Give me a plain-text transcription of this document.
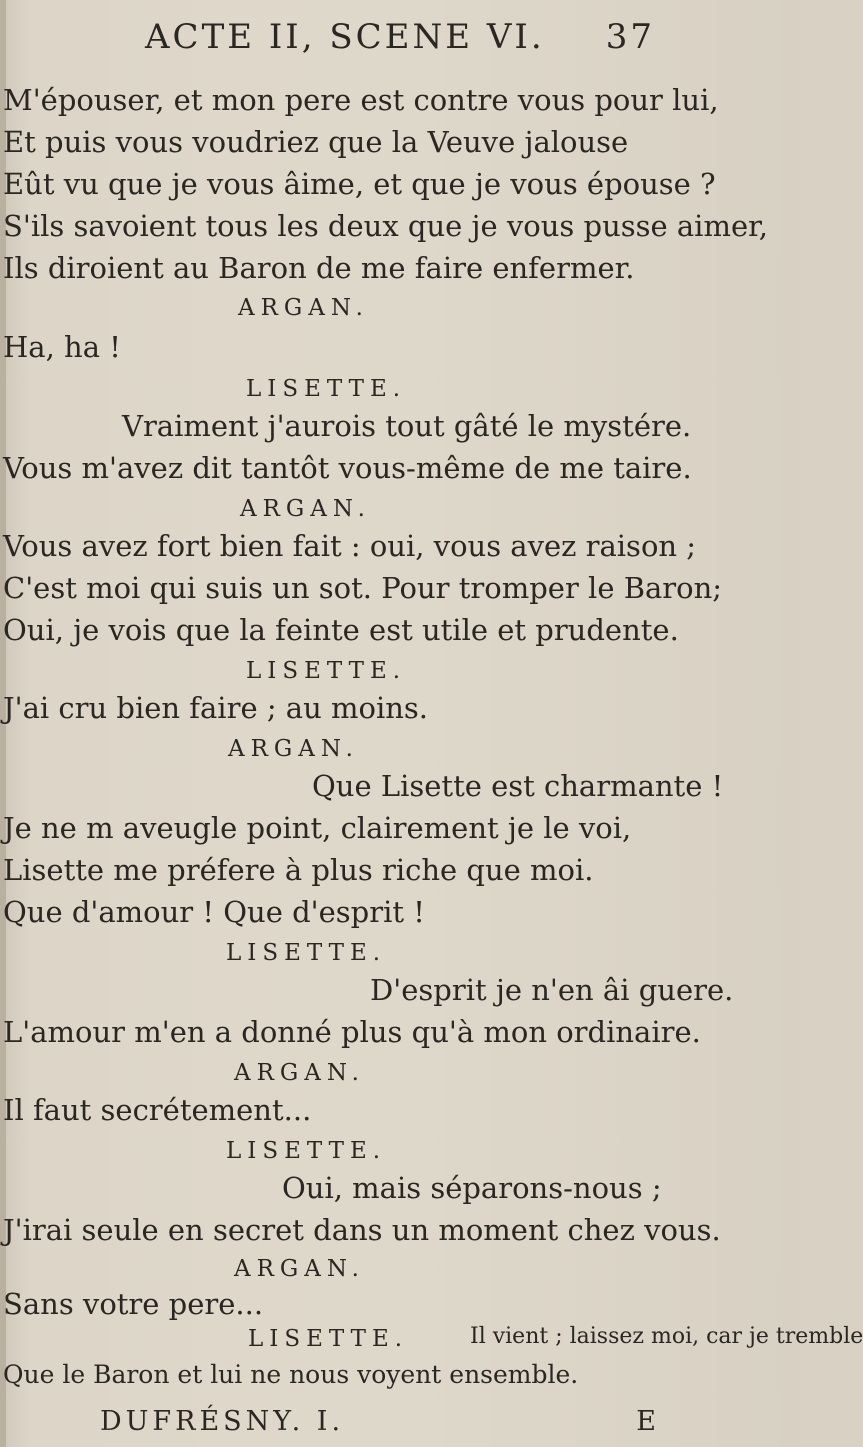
ACTE II, SCENE VI. 37
M'épouser, et mon pere est contre vous pour lui,
Et puis vous voudriez que la Veuve jalouse
Eût vu que je vous âime, et que je vous épouse ?
S'ils savoient tous les deux que je vous pusse aimer,
Ils diroient au Baron de me faire enfermer.
ARGAN.
Ha, ha !
LISETTE.
Vraiment j'aurois tout gâté le mystére.
Vous m'avez dit tantôt vous-même de me taire.
ARGAN.
Vous avez fort bien fait : oui, vous avez raison ;
C'est moi qui suis un sot. Pour tromper le Baron;
Oui, je vois que la feinte est utile et prudente.
LISETTE.
J'ai cru bien faire ; au moins.
ARGAN.
Que Lisette est charmante !
Je ne m aveugle point, clairement je le voi,
Lisette me préfere à plus riche que moi.
Que d'amour ! Que d'esprit !
LISETTE.
D'esprit je n'en âi guere.
L'amour m'en a donné plus qu'à mon ordinaire.
ARGAN.
Il faut secrétement...
LISETTE.
Oui, mais séparons-nous ;
J'irai seule en secret dans un moment chez vous.
ARGAN.
Sans votre pere...
LISETTE.	Il vient ; laissez moi, car je tremble
Que le Baron et lui ne nous voyent ensemble.
DUFRÉSNY. I.	E
